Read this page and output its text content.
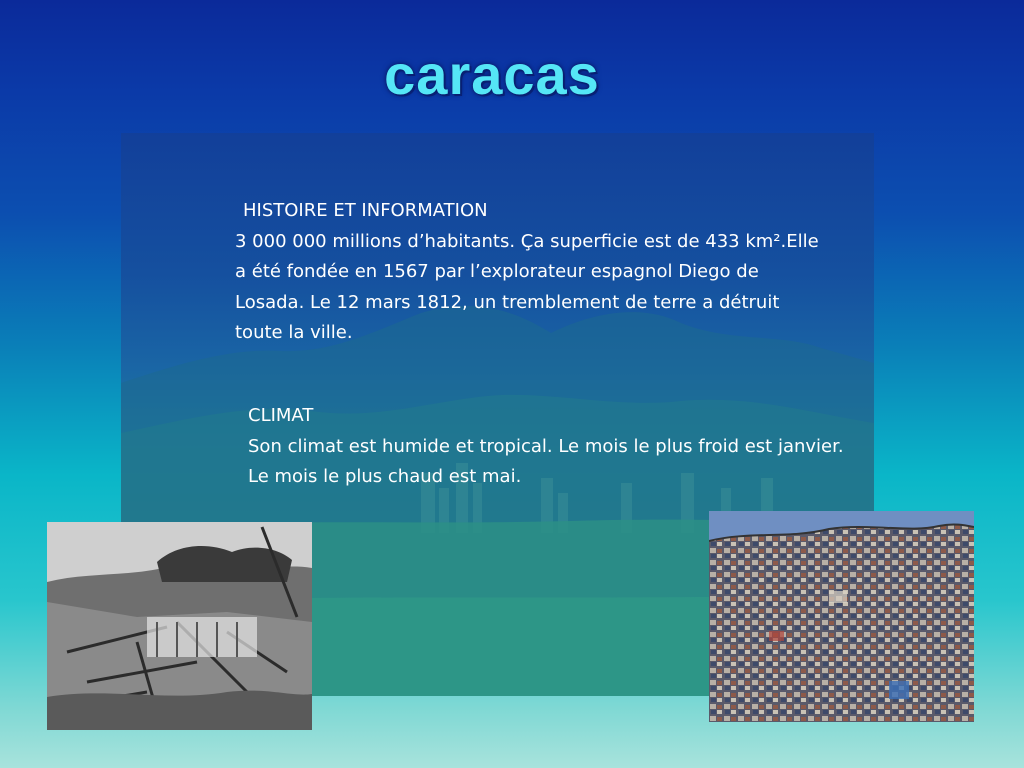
caracas
HISTOIRE ET INFORMATION
3 000 000 millions d’habitants. Ça superficie est de 433 km².Elle a été fondée en 1567 par l’explorateur espagnol Diego de Losada. Le 12 mars 1812, un tremblement de terre a détruit toute la ville.
CLIMAT
Son climat est humide et tropical. Le mois le plus froid est janvier. Le mois le plus chaud est mai.
